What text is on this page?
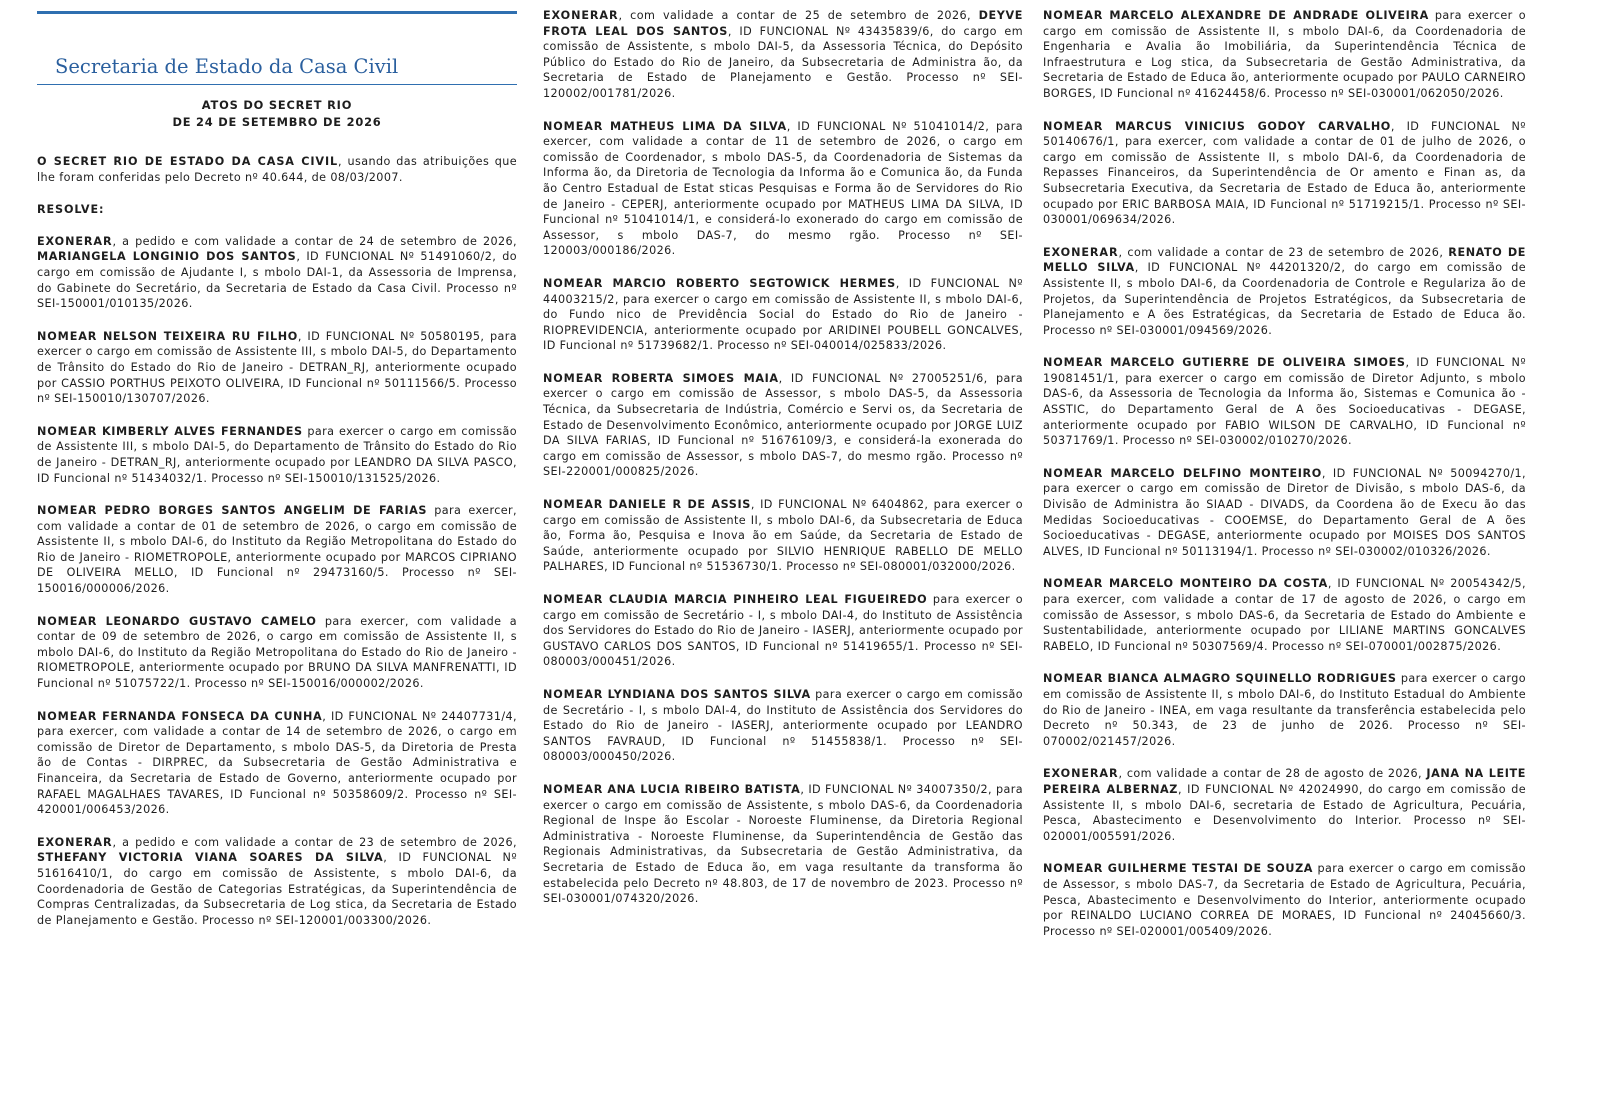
Secretaria de Estado da Casa Civil
ATOS DO SECRET RIO
DE 24 DE SETEMBRO DE 2026

O SECRET RIO DE ESTADO DA CASA CIVIL, usando das atribuições que lhe foram conferidas pelo Decreto nº 40.644, de 08/03/2007.

RESOLVE:

EXONERAR, a pedido e com validade a contar de 24 de setembro de 2026, MARIANGELA LONGINIO DOS SANTOS, ID FUNCIONAL Nº 51491060/2, do cargo em comissão de Ajudante I, s mbolo DAI-1, da Assessoria de Imprensa, do Gabinete do Secretário, da Secretaria de Estado da Casa Civil. Processo nº SEI-150001/010135/2026.

NOMEAR NELSON TEIXEIRA RU FILHO, ID FUNCIONAL Nº 50580195, para exercer o cargo em comissão de Assistente III, s mbolo DAI-5, do Departamento de Trânsito do Estado do Rio de Janeiro - DETRAN_RJ, anteriormente ocupado por CASSIO PORTHUS PEIXOTO OLIVEIRA, ID Funcional nº 50111566/5. Processo nº SEI-150010/130707/2026.

NOMEAR KIMBERLY ALVES FERNANDES para exercer o cargo em comissão de Assistente III, s mbolo DAI-5, do Departamento de Trânsito do Estado do Rio de Janeiro - DETRAN_RJ, anteriormente ocupado por LEANDRO DA SILVA PASCO, ID Funcional nº 51434032/1. Processo nº SEI-150010/131525/2026.

NOMEAR PEDRO BORGES SANTOS ANGELIM DE FARIAS para exercer, com validade a contar de 01 de setembro de 2026, o cargo em comissão de Assistente II, s mbolo DAI-6, do Instituto da Região Metropolitana do Estado do Rio de Janeiro - RIOMETROPOLE, anteriormente ocupado por MARCOS CIPRIANO DE OLIVEIRA MELLO, ID Funcional nº 29473160/5. Processo nº SEI-150016/000006/2026.

NOMEAR LEONARDO GUSTAVO CAMELO para exercer, com validade a contar de 09 de setembro de 2026, o cargo em comissão de Assistente II, s mbolo DAI-6, do Instituto da Região Metropolitana do Estado do Rio de Janeiro - RIOMETROPOLE, anteriormente ocupado por BRUNO DA SILVA MANFRENATTI, ID Funcional nº 51075722/1. Processo nº SEI-150016/000002/2026.

NOMEAR FERNANDA FONSECA DA CUNHA, ID FUNCIONAL Nº 24407731/4, para exercer, com validade a contar de 14 de setembro de 2026, o cargo em comissão de Diretor de Departamento, s mbolo DAS-5, da Diretoria de Presta ão de Contas - DIRPREC, da Subsecretaria de Gestão Administrativa e Financeira, da Secretaria de Estado de Governo, anteriormente ocupado por RAFAEL MAGALHAES TAVARES, ID Funcional nº 50358609/2. Processo nº SEI-420001/006453/2026.

EXONERAR, a pedido e com validade a contar de 23 de setembro de 2026, STHEFANY VICTORIA VIANA SOARES DA SILVA, ID FUNCIONAL Nº 51616410/1, do cargo em comissão de Assistente, s mbolo DAI-6, da Coordenadoria de Gestão de Categorias Estratégicas, da Superintendência de Compras Centralizadas, da Subsecretaria de Log stica, da Secretaria de Estado de Planejamento e Gestão. Processo nº SEI-120001/003300/2026.

EXONERAR, com validade a contar de 25 de setembro de 2026, DEYVE FROTA LEAL DOS SANTOS, ID FUNCIONAL Nº 43435839/6, do cargo em comissão de Assistente, s mbolo DAI-5, da Assessoria Técnica, do Depósito Público do Estado do Rio de Janeiro, da Subsecretaria de Administra ão, da Secretaria de Estado de Planejamento e Gestão. Processo nº SEI-120002/001781/2026.

NOMEAR MATHEUS LIMA DA SILVA, ID FUNCIONAL Nº 51041014/2, para exercer, com validade a contar de 11 de setembro de 2026, o cargo em comissão de Coordenador, s mbolo DAS-5, da Coordenadoria de Sistemas da Informa ão, da Diretoria de Tecnologia da Informa ão e Comunica ão, da Funda ão Centro Estadual de Estat sticas Pesquisas e Forma ão de Servidores do Rio de Janeiro - CEPERJ, anteriormente ocupado por MATHEUS LIMA DA SILVA, ID Funcional nº 51041014/1, e considerá-lo exonerado do cargo em comissão de Assessor, s mbolo DAS-7, do mesmo rgão. Processo nº SEI-120003/000186/2026.

NOMEAR MARCIO ROBERTO SEGTOWICK HERMES, ID FUNCIONAL Nº 44003215/2, para exercer o cargo em comissão de Assistente II, s mbolo DAI-6, do Fundo nico de Previdência Social do Estado do Rio de Janeiro - RIOPREVIDENCIA, anteriormente ocupado por ARIDINEI POUBELL GONCALVES, ID Funcional nº 51739682/1. Processo nº SEI-040014/025833/2026.

NOMEAR ROBERTA SIMOES MAIA, ID FUNCIONAL Nº 27005251/6, para exercer o cargo em comissão de Assessor, s mbolo DAS-5, da Assessoria Técnica, da Subsecretaria de Indústria, Comércio e Servi os, da Secretaria de Estado de Desenvolvimento Econômico, anteriormente ocupado por JORGE LUIZ DA SILVA FARIAS, ID Funcional nº 51676109/3, e considerá-la exonerada do cargo em comissão de Assessor, s mbolo DAS-7, do mesmo rgão. Processo nº SEI-220001/000825/2026.

NOMEAR DANIELE R DE ASSIS, ID FUNCIONAL Nº 6404862, para exercer o cargo em comissão de Assistente II, s mbolo DAI-6, da Subsecretaria de Educa ão, Forma ão, Pesquisa e Inova ão em Saúde, da Secretaria de Estado de Saúde, anteriormente ocupado por SILVIO HENRIQUE RABELLO DE MELLO PALHARES, ID Funcional nº 51536730/1. Processo nº SEI-080001/032000/2026.

NOMEAR CLAUDIA MARCIA PINHEIRO LEAL FIGUEIREDO para exercer o cargo em comissão de Secretário - I, s mbolo DAI-4, do Instituto de Assistência dos Servidores do Estado do Rio de Janeiro - IASERJ, anteriormente ocupado por GUSTAVO CARLOS DOS SANTOS, ID Funcional nº 51419655/1. Processo nº SEI-080003/000451/2026.

NOMEAR LYNDIANA DOS SANTOS SILVA para exercer o cargo em comissão de Secretário - I, s mbolo DAI-4, do Instituto de Assistência dos Servidores do Estado do Rio de Janeiro - IASERJ, anteriormente ocupado por LEANDRO SANTOS FAVRAUD, ID Funcional nº 51455838/1. Processo nº SEI-080003/000450/2026.

NOMEAR ANA LUCIA RIBEIRO BATISTA, ID FUNCIONAL Nº 34007350/2, para exercer o cargo em comissão de Assistente, s mbolo DAS-6, da Coordenadoria Regional de Inspe ão Escolar - Noroeste Fluminense, da Diretoria Regional Administrativa - Noroeste Fluminense, da Superintendência de Gestão das Regionais Administrativas, da Subsecretaria de Gestão Administrativa, da Secretaria de Estado de Educa ão, em vaga resultante da transforma ão estabelecida pelo Decreto nº 48.803, de 17 de novembro de 2023. Processo nº SEI-030001/074320/2026.

NOMEAR MARCELO ALEXANDRE DE ANDRADE OLIVEIRA para exercer o cargo em comissão de Assistente II, s mbolo DAI-6, da Coordenadoria de Engenharia e Avalia ão Imobiliária, da Superintendência Técnica de Infraestrutura e Log stica, da Subsecretaria de Gestão Administrativa, da Secretaria de Estado de Educa ão, anteriormente ocupado por PAULO CARNEIRO BORGES, ID Funcional nº 41624458/6. Processo nº SEI-030001/062050/2026.

NOMEAR MARCUS VINICIUS GODOY CARVALHO, ID FUNCIONAL Nº 50140676/1, para exercer, com validade a contar de 01 de julho de 2026, o cargo em comissão de Assistente II, s mbolo DAI-6, da Coordenadoria de Repasses Financeiros, da Superintendência de Or amento e Finan as, da Subsecretaria Executiva, da Secretaria de Estado de Educa ão, anteriormente ocupado por ERIC BARBOSA MAIA, ID Funcional nº 51719215/1. Processo nº SEI-030001/069634/2026.

EXONERAR, com validade a contar de 23 de setembro de 2026, RENATO DE MELLO SILVA, ID FUNCIONAL Nº 44201320/2, do cargo em comissão de Assistente II, s mbolo DAI-6, da Coordenadoria de Controle e Regulariza ão de Projetos, da Superintendência de Projetos Estratégicos, da Subsecretaria de Planejamento e A ões Estratégicas, da Secretaria de Estado de Educa ão. Processo nº SEI-030001/094569/2026.

NOMEAR MARCELO GUTIERRE DE OLIVEIRA SIMOES, ID FUNCIONAL Nº 19081451/1, para exercer o cargo em comissão de Diretor Adjunto, s mbolo DAS-6, da Assessoria de Tecnologia da Informa ão, Sistemas e Comunica ão - ASSTIC, do Departamento Geral de A ões Socioeducativas - DEGASE, anteriormente ocupado por FABIO WILSON DE CARVALHO, ID Funcional nº 50371769/1. Processo nº SEI-030002/010270/2026.

NOMEAR MARCELO DELFINO MONTEIRO, ID FUNCIONAL Nº 50094270/1, para exercer o cargo em comissão de Diretor de Divisão, s mbolo DAS-6, da Divisão de Administra ão SIAAD - DIVADS, da Coordena ão de Execu ão das Medidas Socioeducativas - COOEMSE, do Departamento Geral de A ões Socioeducativas - DEGASE, anteriormente ocupado por MOISES DOS SANTOS ALVES, ID Funcional nº 50113194/1. Processo nº SEI-030002/010326/2026.

NOMEAR MARCELO MONTEIRO DA COSTA, ID FUNCIONAL Nº 20054342/5, para exercer, com validade a contar de 17 de agosto de 2026, o cargo em comissão de Assessor, s mbolo DAS-6, da Secretaria de Estado do Ambiente e Sustentabilidade, anteriormente ocupado por LILIANE MARTINS GONCALVES RABELO, ID Funcional nº 50307569/4. Processo nº SEI-070001/002875/2026.

NOMEAR BIANCA ALMAGRO SQUINELLO RODRIGUES para exercer o cargo em comissão de Assistente II, s mbolo DAI-6, do Instituto Estadual do Ambiente do Rio de Janeiro - INEA, em vaga resultante da transferência estabelecida pelo Decreto nº 50.343, de 23 de junho de 2026. Processo nº SEI-070002/021457/2026.

EXONERAR, com validade a contar de 28 de agosto de 2026, JANA NA LEITE PEREIRA ALBERNAZ, ID FUNCIONAL Nº 42024990, do cargo em comissão de Assistente II, s mbolo DAI-6, secretaria de Estado de Agricultura, Pecuária, Pesca, Abastecimento e Desenvolvimento do Interior. Processo nº SEI-020001/005591/2026.

NOMEAR GUILHERME TESTAI DE SOUZA para exercer o cargo em comissão de Assessor, s mbolo DAS-7, da Secretaria de Estado de Agricultura, Pecuária, Pesca, Abastecimento e Desenvolvimento do Interior, anteriormente ocupado por REINALDO LUCIANO CORREA DE MORAES, ID Funcional nº 24045660/3. Processo nº SEI-020001/005409/2026.
